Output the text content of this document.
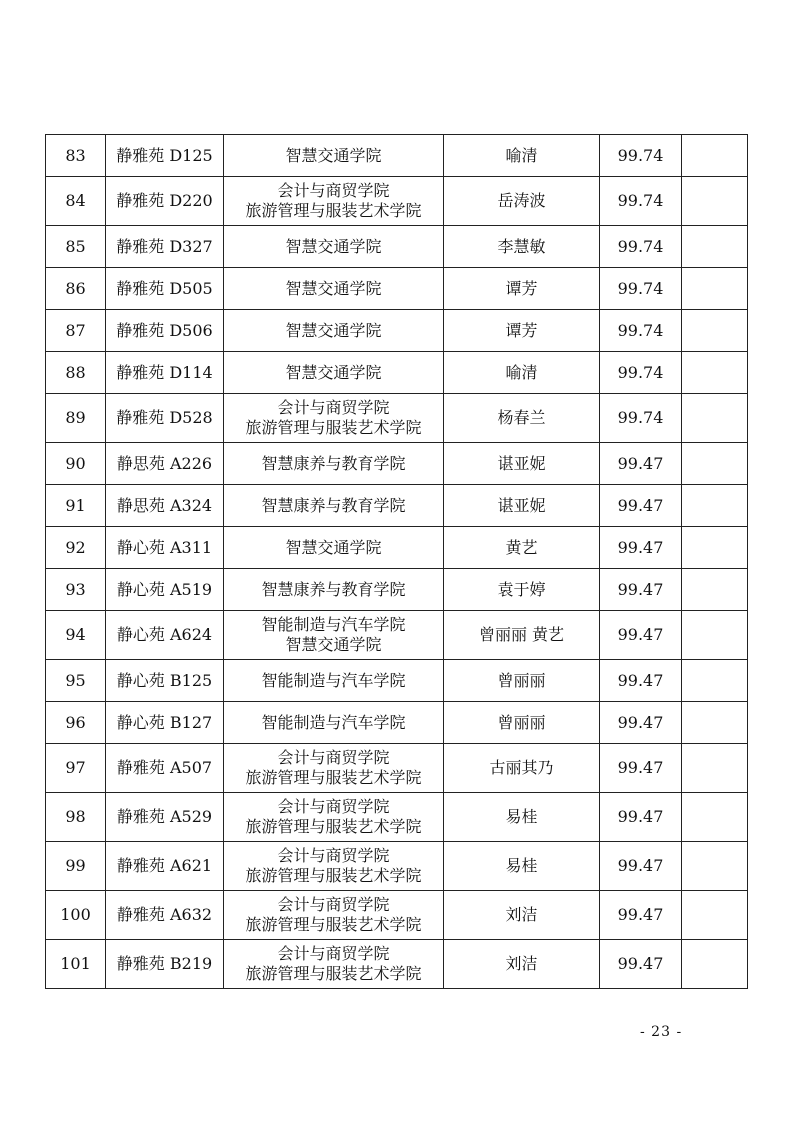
83	静雅苑 D125	智慧交通学院	喻清	99.74	
84	静雅苑 D220	会计与商贸学院
旅游管理与服装艺术学院	岳涛波	99.74	
85	静雅苑 D327	智慧交通学院	李慧敏	99.74	
86	静雅苑 D505	智慧交通学院	谭芳	99.74	
87	静雅苑 D506	智慧交通学院	谭芳	99.74	
88	静雅苑 D114	智慧交通学院	喻清	99.74	
89	静雅苑 D528	会计与商贸学院
旅游管理与服装艺术学院	杨春兰	99.74	
90	静思苑 A226	智慧康养与教育学院	谌亚妮	99.47	
91	静思苑 A324	智慧康养与教育学院	谌亚妮	99.47	
92	静心苑 A311	智慧交通学院	黄艺	99.47	
93	静心苑 A519	智慧康养与教育学院	袁于婷	99.47	
94	静心苑 A624	智能制造与汽车学院
智慧交通学院	曾丽丽 黄艺	99.47	
95	静心苑 B125	智能制造与汽车学院	曾丽丽	99.47	
96	静心苑 B127	智能制造与汽车学院	曾丽丽	99.47	
97	静雅苑 A507	会计与商贸学院
旅游管理与服装艺术学院	古丽其乃	99.47	
98	静雅苑 A529	会计与商贸学院
旅游管理与服装艺术学院	易桂	99.47	
99	静雅苑 A621	会计与商贸学院
旅游管理与服装艺术学院	易桂	99.47	
100	静雅苑 A632	会计与商贸学院
旅游管理与服装艺术学院	刘洁	99.47	
101	静雅苑 B219	会计与商贸学院
旅游管理与服装艺术学院	刘洁	99.47	
- 23 -
